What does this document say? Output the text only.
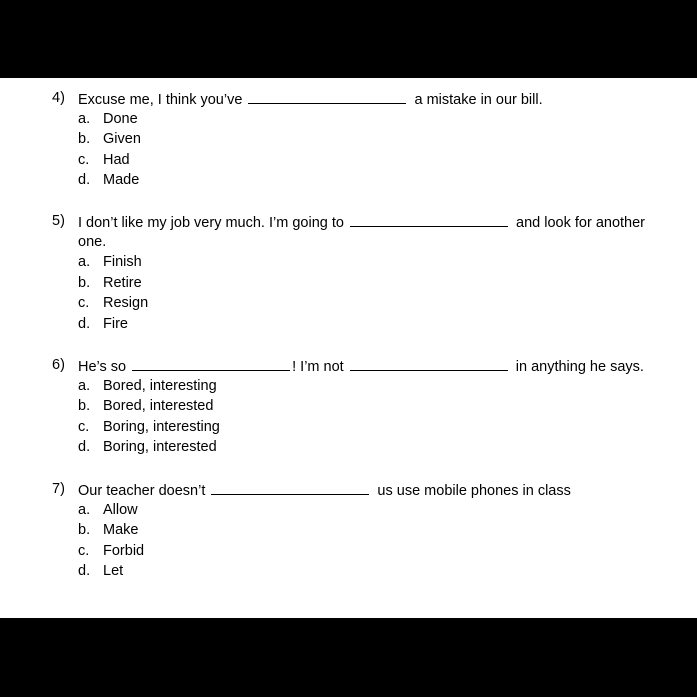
4) Excuse me, I think you’ve	a mistake in our bill.
a. Done
b. Given
c. Had
d. Made
5) I don’t like my job very much. I’m going to	and look for another
one.
a. Finish
b. Retire
c. Resign
d. Fire
6) He’s so	! I’m not	in anything he says.
a. Bored, interesting
b. Bored, interested
c. Boring, interesting
d. Boring, interested
7) Our teacher doesn’t	us use mobile phones in class
a. Allow
b. Make
c. Forbid
d. Let
